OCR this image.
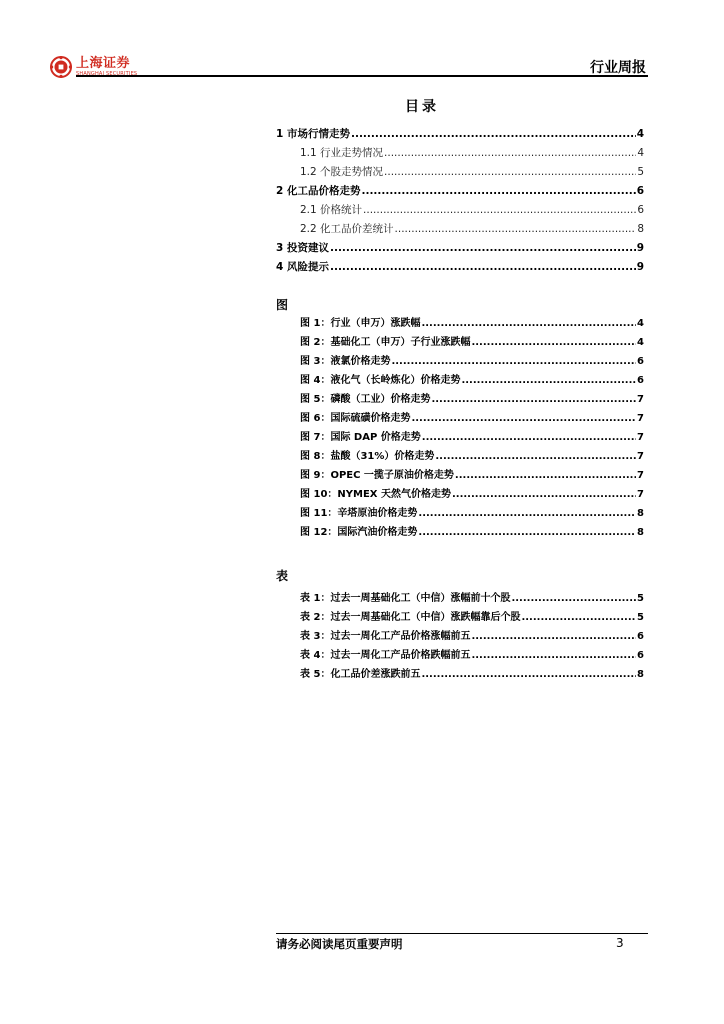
上海证券
SHANGHAI SECURITIES	行业周报
目录
1 市场行情走势 .....	4
1.1 行业走势情况 .....	4
1.2 个股走势情况 .....	5
2 化工品价格走势 .....	6
2.1 价格统计 .....	6
2.2 化工品价差统计 .....	8
3 投资建议 .....	9
4 风险提示 .....	9
图
图 1：行业（申万）涨跌幅 .....	4
图 2：基础化工（申万）子行业涨跌幅 .....	4
图 3：液氯价格走势 .....	6
图 4：液化气（长岭炼化）价格走势 .....	6
图 5：磷酸（工业）价格走势 .....	7
图 6：国际硫磺价格走势 .....	7
图 7：国际 DAP 价格走势 .....	7
图 8：盐酸（31%）价格走势 .....	7
图 9：OPEC 一揽子原油价格走势 .....	7
图 10：NYMEX 天然气价格走势 .....	7
图 11：辛塔原油价格走势 .....	8
图 12：国际汽油价格走势 .....	8
表
表 1：过去一周基础化工（中信）涨幅前十个股 .....	5
表 2：过去一周基础化工（中信）涨跌幅靠后个股 .....	5
表 3：过去一周化工产品价格涨幅前五 .....	6
表 4：过去一周化工产品价格跌幅前五 .....	6
表 5：化工品价差涨跌前五 .....	8
请务必阅读尾页重要声明	3
